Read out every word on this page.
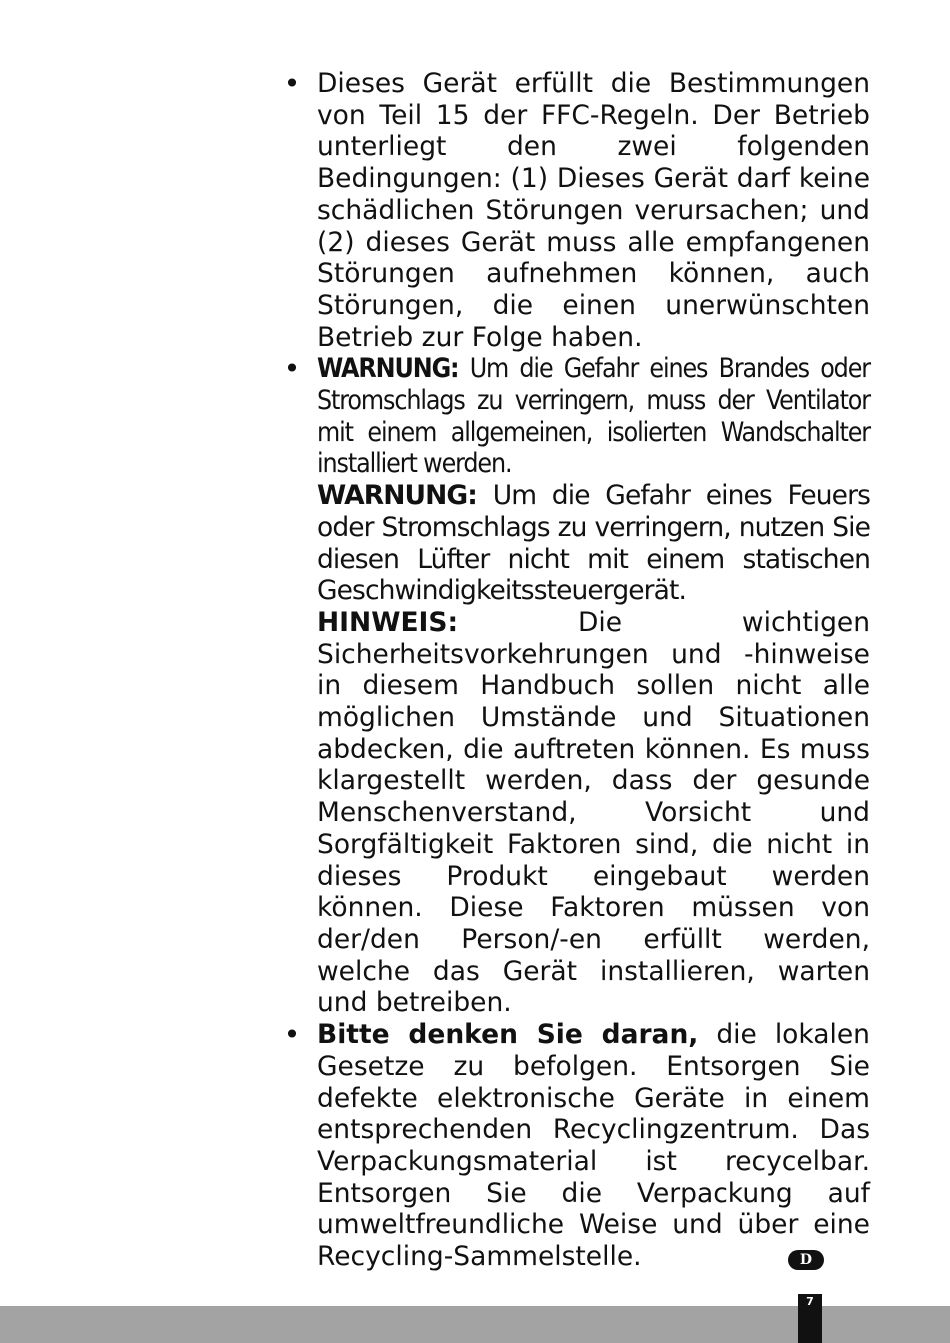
• Dieses Gerät erfüllt die Bestimmungen von Teil 15 der FFC-Regeln. Der Betrieb unterliegt den zwei folgenden Bedingungen: (1) Dieses Gerät darf keine schädlichen Störungen verursachen; und (2) dieses Gerät muss alle empfangenen Störungen aufnehmen können, auch Störungen, die einen unerwünschten Betrieb zur Folge haben.

• WARNUNG: Um die Gefahr eines Brandes oder Stromschlags zu verringern, muss der Ventilator mit einem allgemeinen, isolierten Wandschalter installiert werden.

WARNUNG: Um die Gefahr eines Feuers oder Stromschlags zu verringern, nutzen Sie diesen Lüfter nicht mit einem statischen Geschwindigkeitssteuergerät.

HINWEIS: Die wichtigen Sicherheitsvorkehrungen und -hinweise in diesem Handbuch sollen nicht alle möglichen Umstände und Situationen abdecken, die auftreten können. Es muss klargestellt werden, dass der gesunde Menschenverstand, Vorsicht und Sorgfältigkeit Faktoren sind, die nicht in dieses Produkt eingebaut werden können. Diese Faktoren müssen von der/den Person/-en erfüllt werden, welche das Gerät installieren, warten und betreiben.

• Bitte denken Sie daran, die lokalen Gesetze zu befolgen. Entsorgen Sie defekte elektronische Geräte in einem entsprechenden Recyclingzentrum. Das Verpackungsmaterial ist recycelbar. Entsorgen Sie die Verpackung auf umweltfreundliche Weise und über eine Recycling-Sammelstelle.	D
7
